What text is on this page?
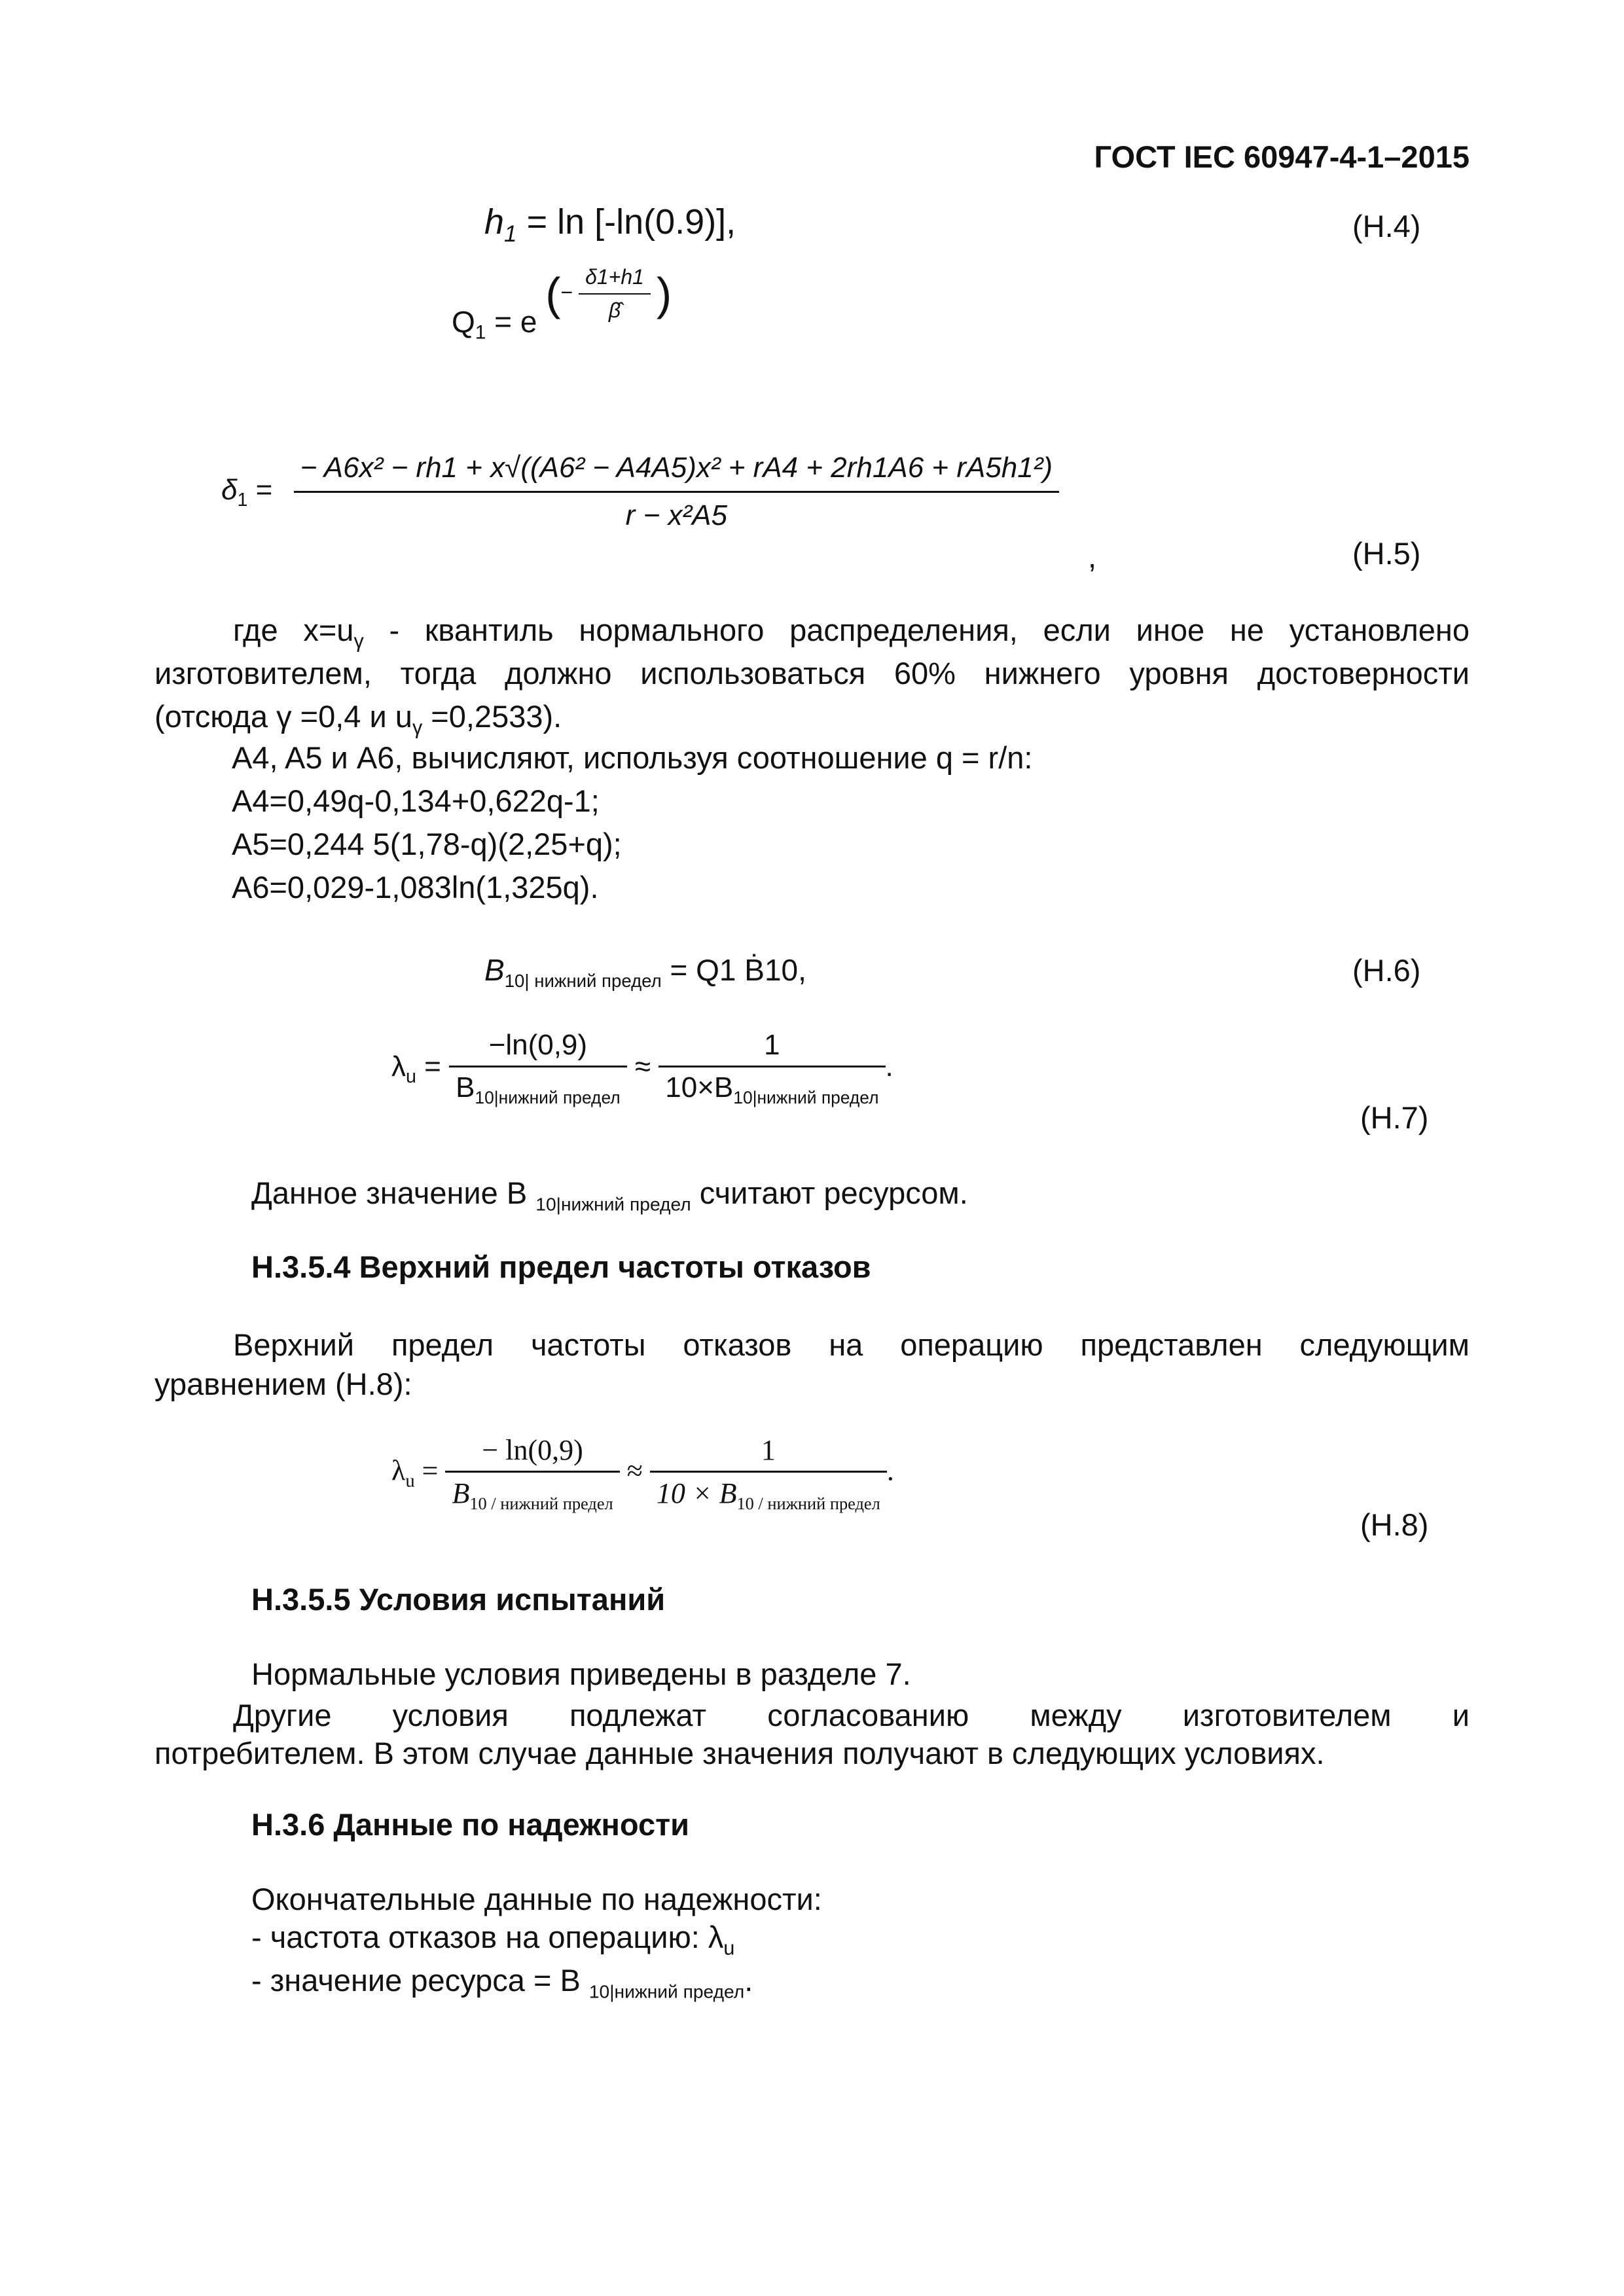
ГОСТ IEC 60947-4-1–2015
$h_1 = \ln [-\ln(0.9)]$,	(H.4)
$Q_1 = e$ (− $\frac{\delta 1+h1}{\betâ}$ )
$\delta_1 = \frac{\text{− A6x² − rh1 + x√((A6² − A4A5)x² + rA4 + 2rh1A6 + rA5h1²)}}{\text{r − x²A5}}$
,	(H.5)
где $x=u_\gamma$ - квантиль нормального распределения, если иное не установлено
изготовителем, тогда должно использоваться 60% нижнего уровня достоверности
(отсюда γ =0,4 и $u_\gamma =0,2533$).
A4, A5 и A6, вычисляют, используя соотношение q = r/n:
A4=0,49q-0,134+0,622q-1;
A5=0,244 5(1,78-q)(2,25+q);
A6=0,029-1,083ln(1,325q).
$B_{10| нижний предел} = Q1$ Ḃ10,	(H.6)
$\lambda_u = \frac{-\ln(0,9)}{B_{10|нижний предел}} \approx \frac{1}{10\times B_{10|нижний предел}}$ .
(H.7)
Данное значение B $_{10|нижний предел}$ считают ресурсом.
H.3.5.4 Верхний предел частоты отказов
Верхний предел частоты отказов на операцию представлен следующим
уравнением (Н.8):
$\lambda_u = \frac{- \ln(0,9)}{B_{10 / нижний предел}} \approx \frac{1}{10 \times B_{10 / нижний предел}}$ .
(H.8)
H.3.5.5 Условия испытаний
Нормальные условия приведены в разделе 7.
Другие условия подлежат согласованию между изготовителем и
потребителем. В этом случае данные значения получают в следующих условиях.
H.3.6 Данные по надежности
Окончательные данные по надежности:
- частота отказов на операцию: $\lambda_u$
- значение ресурса = B $_{10|нижний предел}$.
